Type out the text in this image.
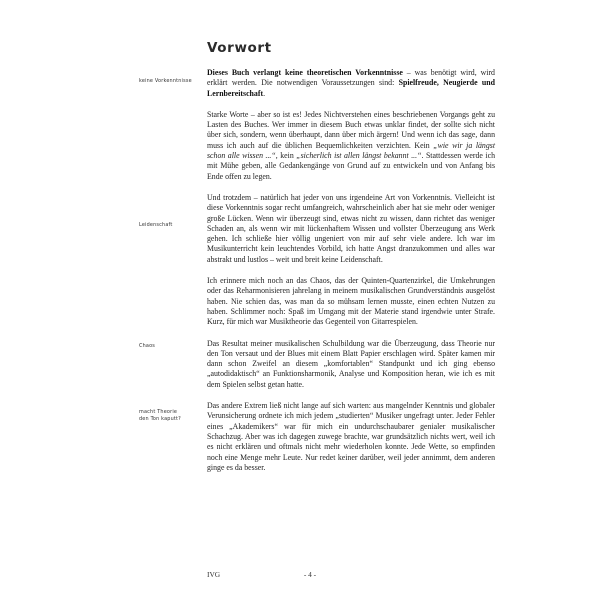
Vorwort
keine Vorkenntnisse
Leidenschaft
Chaos
macht Theorie
den Ton kaputt?

Dieses Buch verlangt keine theoretischen Vorkenntnisse – was benötigt wird, wird erklärt werden. Die notwendigen Voraussetzungen sind: Spielfreude, Neugierde und Lernbereitschaft.

Starke Worte – aber so ist es! Jedes Nichtverstehen eines beschriebenen Vorgangs geht zu Lasten des Buches. Wer immer in diesem Buch etwas unklar findet, der sollte sich nicht über sich, sondern, wenn überhaupt, dann über mich ärgern! Und wenn ich das sage, dann muss ich auch auf die üblichen Bequemlichkeiten verzichten. Kein „wie wir ja längst schon alle wissen ...“, kein „sicherlich ist allen längst bekannt ...“. Stattdessen werde ich mit Mühe geben, alle Gedankengänge von Grund auf zu entwickeln und von Anfang bis Ende offen zu legen.

Und trotzdem – natürlich hat jeder von uns irgendeine Art von Vorkenntnis. Vielleicht ist diese Vorkenntnis sogar recht umfangreich, wahrscheinlich aber hat sie mehr oder weniger große Lücken. Wenn wir überzeugt sind, etwas nicht zu wissen, dann richtet das weniger Schaden an, als wenn wir mit lückenhaftem Wissen und vollster Überzeugung ans Werk gehen. Ich schließe hier völlig ungeniert von mir auf sehr viele andere. Ich war im Musikunterricht kein leuchtendes Vorbild, ich hatte Angst dranzukommen und alles war abstrakt und lustlos – weit und breit keine Leidenschaft.

Ich erinnere mich noch an das Chaos, das der Quinten-Quartenzirkel, die Umkehrungen oder das Reharmonisieren jahrelang in meinem musikalischen Grundverständnis ausgelöst haben. Nie schien das, was man da so mühsam lernen musste, einen echten Nutzen zu haben. Schlimmer noch: Spaß im Umgang mit der Materie stand irgendwie unter Strafe. Kurz, für mich war Musiktheorie das Gegenteil von Gitarrespielen.

Das Resultat meiner musikalischen Schulbildung war die Überzeugung, dass Theorie nur den Ton versaut und der Blues mit einem Blatt Papier erschlagen wird. Später kamen mir dann schon Zweifel an diesem „komfortablen“ Standpunkt und ich ging ebenso „autodidaktisch“ an Funktionsharmonik, Analyse und Komposition heran, wie ich es mit dem Spielen selbst getan hatte.

Das andere Extrem ließ nicht lange auf sich warten: aus mangelnder Kenntnis und globaler Verunsicherung ordnete ich mich jedem „studierten“ Musiker ungefragt unter. Jeder Fehler eines „Akademikers“ war für mich ein undurchschaubarer genialer musikalischer Schachzug. Aber was ich dagegen zuwege brachte, war grundsätzlich nichts wert, weil ich es nicht erklären und oftmals nicht mehr wiederholen konnte. Jede Wette, so empfinden noch eine Menge mehr Leute. Nur redet keiner darüber, weil jeder annimmt, dem anderen ginge es da besser.

IVG	- 4 -
